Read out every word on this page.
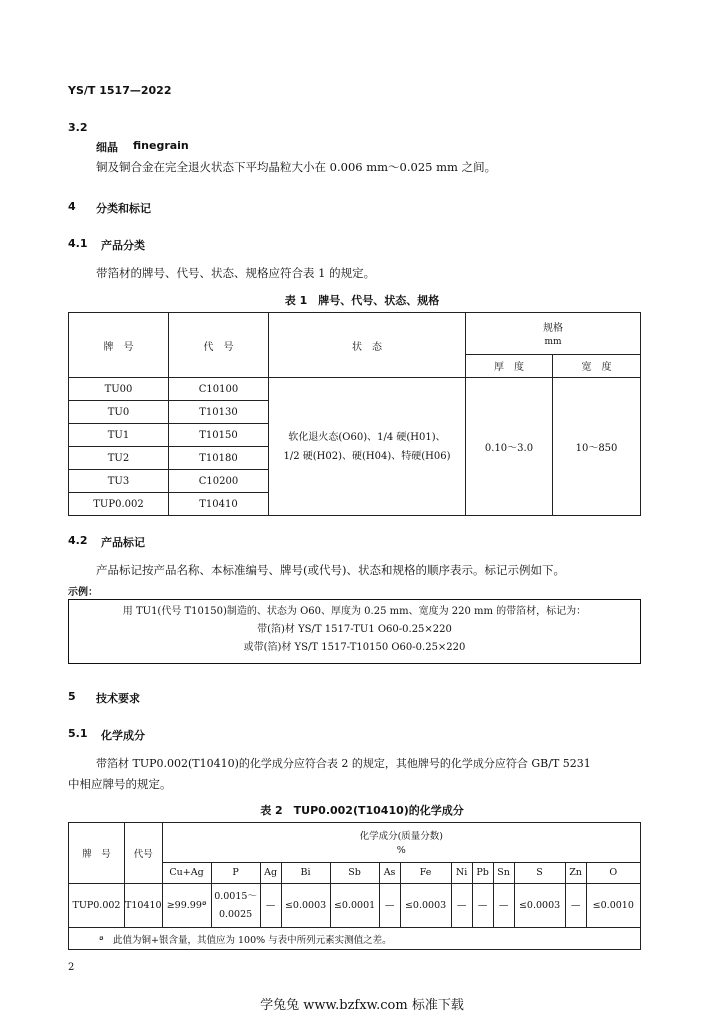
YS/T 1517—2022
3.2
细晶 finegrain
铜及铜合金在完全退火状态下平均晶粒大小在 0.006 mm～0.025 mm 之间。
4 分类和标记
4.1 产品分类
带箔材的牌号、代号、状态、规格应符合表 1 的规定。
表 1　牌号、代号、状态、规格
牌　号	代　号	状　态	规格
mm	

			厚　度	宽　度
TU00	C10100	软化退火态(O60)、1/4 硬(H01)、
1/2 硬(H02)、硬(H04)、特硬(H06)	0.10～3.0	10～850
TU0	T10130			
TU1	T10150			
TU2	T10180			
TU3	C10200			
TUP0.002	T10410			
4.2 产品标记
产品标记按产品名称、本标准编号、牌号(或代号)、状态和规格的顺序表示。标记示例如下。
示例：
用 TU1(代号 T10150)制造的、状态为 O60、厚度为 0.25 mm、宽度为 220 mm 的带箔材，标记为：
带(箔)材 YS/T 1517-TU1 O60-0.25×220
或带(箔)材 YS/T 1517-T10150 O60-0.25×220
5 技术要求
5.1 化学成分
带箔材 TUP0.002(T10410)的化学成分应符合表 2 的规定，其他牌号的化学成分应符合 GB/T 5231
中相应牌号的规定。
表 2　TUP0.002(T10410)的化学成分
牌　号	代号	化学成分(质量分数)
%												

		Cu+Ag	P	Ag	Bi	Sb	As	Fe	Ni	Pb	Sn	S	Zn	O
TUP0.002	T10410	≥99.99ª	0.0015～
0.0025	—	≤0.0003	≤0.0001	—	≤0.0003	—	—	—	≤0.0003	—	≤0.0010
ª　此值为铜+银含量，其值应为 100% 与表中所列元素实测值之差。														
2
学兔兔 www.bzfxw.com 标准下载
